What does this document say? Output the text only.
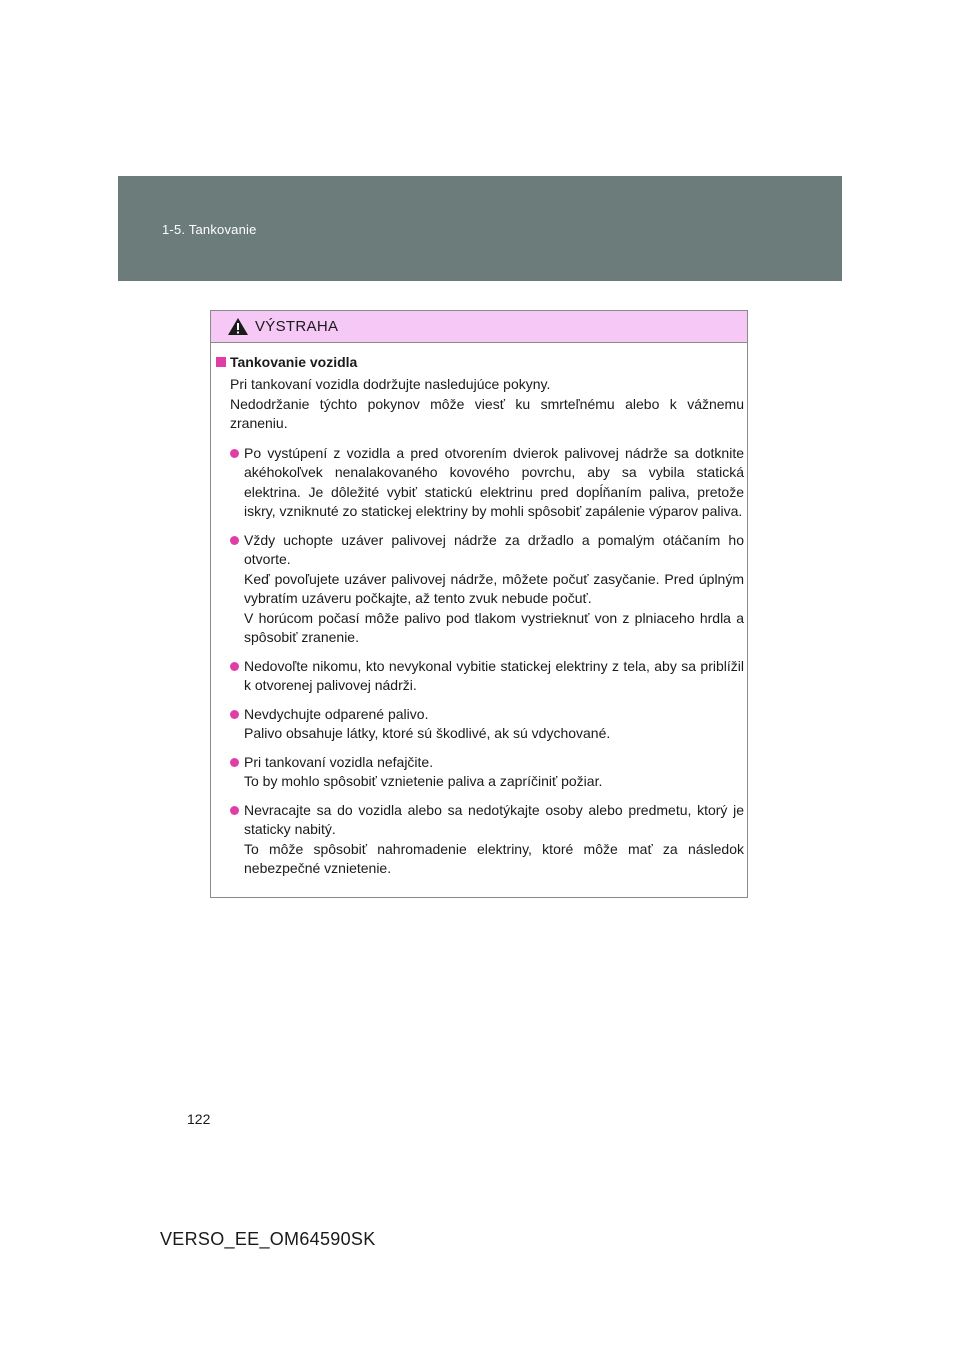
1-5. Tankovanie
VÝSTRAHA
Tankovanie vozidla
Pri tankovaní vozidla dodržujte nasledujúce pokyny.
Nedodržanie týchto pokynov môže viesť ku smrteľnému alebo k vážnemu zraneniu.
Po vystúpení z vozidla a pred otvorením dvierok palivovej nádrže sa dotknite akéhokoľvek nenalakovaného kovového povrchu, aby sa vybila statická elektrina. Je dôležité vybiť statickú elektrinu pred dopĺňaním paliva, pretože iskry, vzniknuté zo statickej elektriny by mohli spôsobiť zapálenie výparov paliva.
Vždy uchopte uzáver palivovej nádrže za držadlo a pomalým otáčaním ho otvorte.
Keď povoľujete uzáver palivovej nádrže, môžete počuť zasyčanie. Pred úplným vybratím uzáveru počkajte, až tento zvuk nebude počuť.
V horúcom počasí môže palivo pod tlakom vystrieknuť von z plniaceho hrdla a spôsobiť zranenie.
Nedovoľte nikomu, kto nevykonal vybitie statickej elektriny z tela, aby sa priblížil k otvorenej palivovej nádrži.
Nevdychujte odparené palivo.
Palivo obsahuje látky, ktoré sú škodlivé, ak sú vdychované.
Pri tankovaní vozidla nefajčite.
To by mohlo spôsobiť vznietenie paliva a zapríčiniť požiar.
Nevracajte sa do vozidla alebo sa nedotýkajte osoby alebo predmetu, ktorý je staticky nabitý.
To môže spôsobiť nahromadenie elektriny, ktoré môže mať za následok nebezpečné vznietenie.
122
VERSO_EE_OM64590SK
